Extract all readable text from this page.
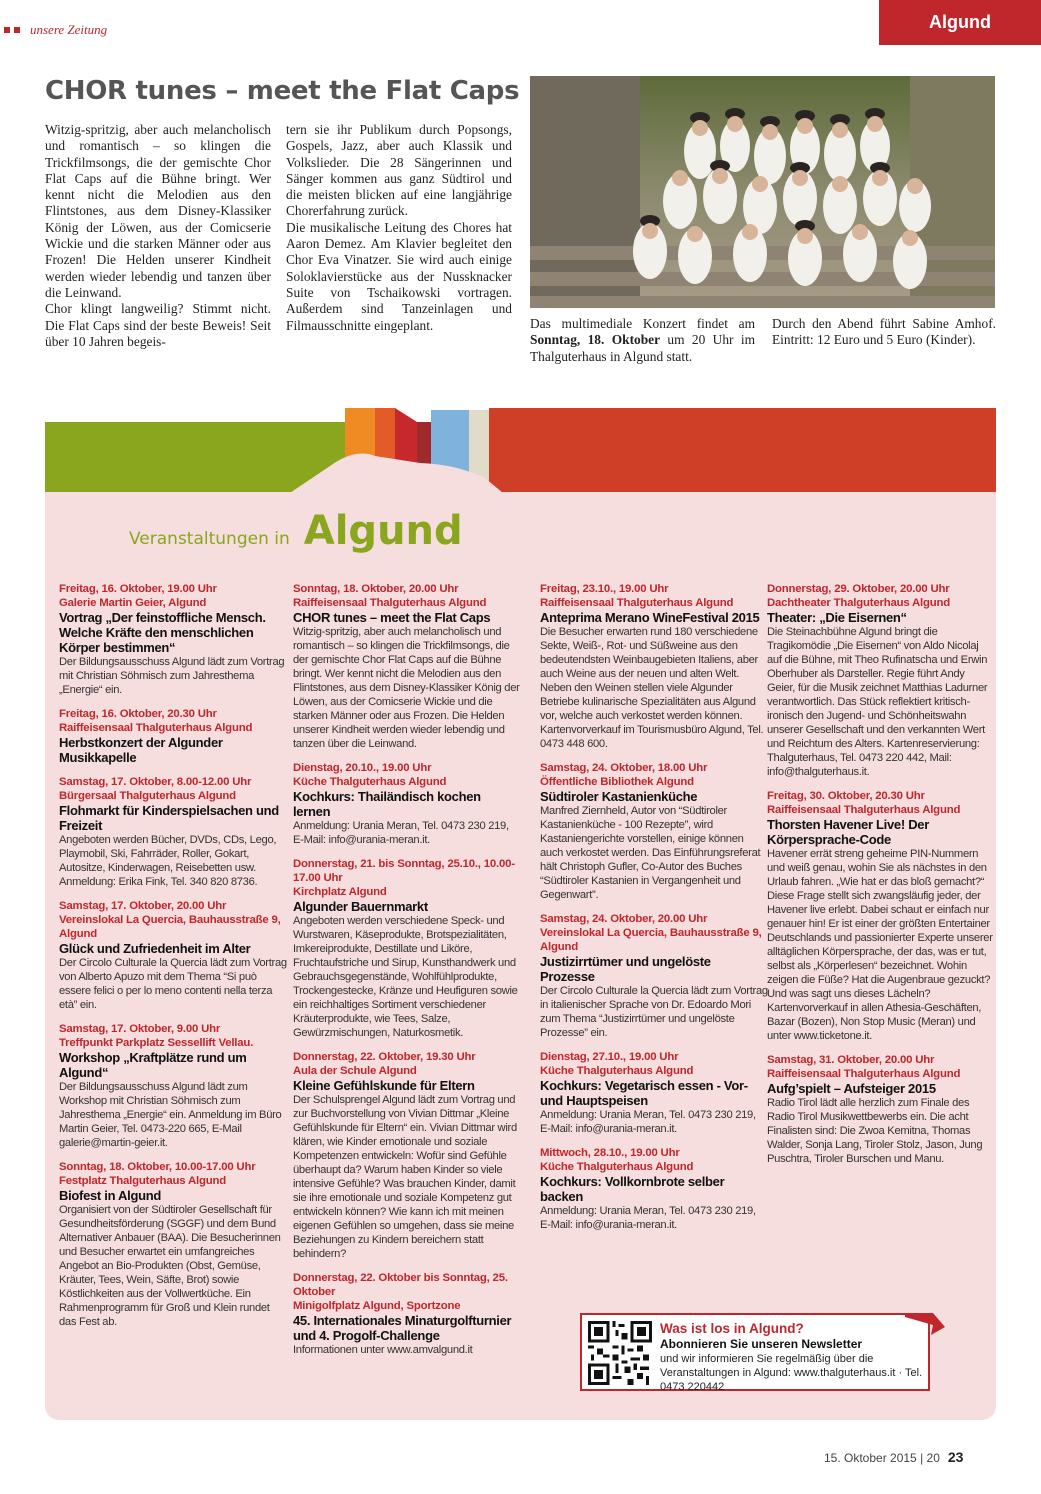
unsere Zeitung	Algund
CHOR tunes – meet the Flat Caps

Witzig-spritzig, aber auch melancholisch und romantisch – so klingen die Trickfilmsongs, die der gemischte Chor Flat Caps auf die Bühne bringt. Wer kennt nicht die Melodien aus den Flintstones, aus dem Disney-Klassiker König der Löwen, aus der Comicserie Wickie und die starken Männer oder aus Frozen! Die Helden unserer Kindheit werden wieder lebendig und tanzen über die Leinwand.

Chor klingt langweilig? Stimmt nicht. Die Flat Caps sind der beste Beweis! Seit über 10 Jahren begeis-

tern sie ihr Publikum durch Popsongs, Gospels, Jazz, aber auch Klassik und Volkslieder. Die 28 Sängerinnen und Sänger kommen aus ganz Südtirol und die meisten blicken auf eine langjährige Chorerfahrung zurück.

Die musikalische Leitung des Chores hat Aaron Demez. Am Klavier begleitet den Chor Eva Vinatzer. Sie wird auch einige Soloklavierstücke aus der Nussknacker Suite von Tschaikowski vortragen. Außerdem sind Tanzeinlagen und Filmausschnitte eingeplant.	Das multimediale Konzert findet am Sonntag, 18. Oktober um 20 Uhr im Thalguterhaus in Algund statt.

Durch den Abend führt Sabine Amhof. Eintritt: 12 Euro und 5 Euro (Kinder).

Veranstaltungen in Algund
Freitag, 16. Oktober, 19.00 Uhr
Galerie Martin Geier, Algund
Vortrag „Der feinstoffliche Mensch. Welche Kräfte den menschlichen Körper bestimmen“
Der Bildungsausschuss Algund lädt zum Vortrag mit Christian Söhmisch zum Jahresthema „Energie“ ein.
Freitag, 16. Oktober, 20.30 Uhr
Raiffeisensaal Thalguterhaus Algund
Herbstkonzert der Algunder Musikkapelle
Samstag, 17. Oktober, 8.00-12.00 Uhr
Bürgersaal Thalguterhaus Algund
Flohmarkt für Kinderspielsachen und Freizeit
Angeboten werden Bücher, DVDs, CDs, Lego, Playmobil, Ski, Fahrräder, Roller, Gokart, Autositze, Kinderwagen, Reisebetten usw. Anmeldung: Erika Fink, Tel. 340 820 8736.
Samstag, 17. Oktober, 20.00 Uhr
Vereinslokal La Quercia, Bauhausstraße 9, Algund
Glück und Zufriedenheit im Alter
Der Circolo Culturale la Quercia lädt zum Vortrag von Alberto Apuzo mit dem Thema “Si può essere felici o per lo meno contenti nella terza età” ein.
Samstag, 17. Oktober, 9.00 Uhr
Treffpunkt Parkplatz Sessellift Vellau.
Workshop „Kraftplätze rund um Algund“
Der Bildungsausschuss Algund lädt zum Workshop mit Christian Söhmisch zum Jahresthema „Energie“ ein. Anmeldung im Büro Martin Geier, Tel. 0473-220 665, E-Mail galerie@martin-geier.it.
Sonntag, 18. Oktober, 10.00-17.00 Uhr
Festplatz Thalguterhaus Algund
Biofest in Algund
Organisiert von der Südtiroler Gesellschaft für Gesundheitsförderung (SGGF) und dem Bund Alternativer Anbauer (BAA). Die Besucherinnen und Besucher erwartet ein umfangreiches Angebot an Bio-Produkten (Obst, Gemüse, Kräuter, Tees, Wein, Säfte, Brot) sowie Köstlichkeiten aus der Vollwertküche. Ein Rahmenprogramm für Groß und Klein rundet das Fest ab.
Sonntag, 18. Oktober, 20.00 Uhr
Raiffeisensaal Thalguterhaus Algund
CHOR tunes – meet the Flat Caps
Witzig-spritzig, aber auch melancholisch und romantisch – so klingen die Trickfilmsongs, die der gemischte Chor Flat Caps auf die Bühne bringt. Wer kennt nicht die Melodien aus den Flintstones, aus dem Disney-Klassiker König der Löwen, aus der Comicserie Wickie und die starken Männer oder aus Frozen. Die Helden unserer Kindheit werden wieder lebendig und tanzen über die Leinwand.
Dienstag, 20.10., 19.00 Uhr
Küche Thalguterhaus Algund
Kochkurs: Thailändisch kochen lernen
Anmeldung: Urania Meran, Tel. 0473 230 219, E-Mail: info@urania-meran.it.
Donnerstag, 21. bis Sonntag, 25.10., 10.00-17.00 Uhr
Kirchplatz Algund
Algunder Bauernmarkt
Angeboten werden verschiedene Speck- und Wurstwaren, Käseprodukte, Brotspezialitäten, Imkereiprodukte, Destillate und Liköre, Fruchtaufstriche und Sirup, Kunsthandwerk und Gebrauchsgegenstände, Wohlfühlprodukte, Trockengestecke, Kränze und Heufiguren sowie ein reichhaltiges Sortiment verschiedener Kräuterprodukte, wie Tees, Salze, Gewürzmischungen, Naturkosmetik.
Donnerstag, 22. Oktober, 19.30 Uhr
Aula der Schule Algund
Kleine Gefühlskunde für Eltern
Der Schulsprengel Algund lädt zum Vortrag und zur Buchvorstellung von Vivian Dittmar „Kleine Gefühlskunde für Eltern“ ein. Vivian Dittmar wird klären, wie Kinder emotionale und soziale Kompetenzen entwickeln: Wofür sind Gefühle überhaupt da? Warum haben Kinder so viele intensive Gefühle? Was brauchen Kinder, damit sie ihre emotionale und soziale Kompetenz gut entwickeln können? Wie kann ich mit meinen eigenen Gefühlen so umgehen, dass sie meine Beziehungen zu Kindern bereichern statt behindern?
Donnerstag, 22. Oktober bis Sonntag, 25. Oktober
Minigolfplatz Algund, Sportzone
45. Internationales Minaturgolfturnier und 4. Progolf-Challenge
Informationen unter www.amvalgund.it
Freitag, 23.10., 19.00 Uhr
Raiffeisensaal Thalguterhaus Algund
Anteprima Merano WineFestival 2015
Die Besucher erwarten rund 180 verschiedene Sekte, Weiß-, Rot- und Süßweine aus den bedeutendsten Weinbaugebieten Italiens, aber auch Weine aus der neuen und alten Welt. Neben den Weinen stellen viele Algunder Betriebe kulinarische Spezialitäten aus Algund vor, welche auch verkostet werden können. Kartenvorverkauf im Tourismusbüro Algund, Tel. 0473 448 600.
Samstag, 24. Oktober, 18.00 Uhr
Öffentliche Bibliothek Algund
Südtiroler Kastanienküche
Manfred Ziernheld, Autor von “Südtiroler Kastanienküche - 100 Rezepte”, wird Kastaniengerichte vorstellen, einige können auch verkostet werden. Das Einführungsreferat hält Christoph Gufler, Co-Autor des Buches “Südtiroler Kastanien in Vergangenheit und Gegenwart”.
Samstag, 24. Oktober, 20.00 Uhr
Vereinslokal La Quercia, Bauhausstraße 9, Algund
Justizirrtümer und ungelöste Prozesse
Der Circolo Culturale la Quercia lädt zum Vortrag in italienischer Sprache von Dr. Edoardo Mori zum Thema “Justizirrtümer und ungelöste Prozesse” ein.
Dienstag, 27.10., 19.00 Uhr
Küche Thalguterhaus Algund
Kochkurs: Vegetarisch essen - Vor- und Hauptspeisen
Anmeldung: Urania Meran, Tel. 0473 230 219, E-Mail: info@urania-meran.it.
Mittwoch, 28.10., 19.00 Uhr
Küche Thalguterhaus Algund
Kochkurs: Vollkornbrote selber backen
Anmeldung: Urania Meran, Tel. 0473 230 219, E-Mail: info@urania-meran.it.
Donnerstag, 29. Oktober, 20.00 Uhr
Dachtheater Thalguterhaus Algund
Theater: „Die Eisernen“
Die Steinachbühne Algund bringt die Tragikomödie „Die Eisernen“ von Aldo Nicolaj auf die Bühne, mit Theo Rufinatscha und Erwin Oberhuber als Darsteller. Regie führt Andy Geier, für die Musik zeichnet Matthias Ladurner verantwortlich. Das Stück reflektiert kritisch-ironisch den Jugend- und Schönheitswahn unserer Gesellschaft und den verkannten Wert und Reichtum des Alters. Kartenreservierung: Thalguterhaus, Tel. 0473 220 442, Mail: info@thalguterhaus.it.
Freitag, 30. Oktober, 20.30 Uhr
Raiffeisensaal Thalguterhaus Algund
Thorsten Havener Live! Der Körpersprache-Code
Havener errät streng geheime PIN-Nummern und weiß genau, wohin Sie als nächstes in den Urlaub fahren. „Wie hat er das bloß gemacht?“ Diese Frage stellt sich zwangsläufig jeder, der Havener live erlebt. Dabei schaut er einfach nur genauer hin! Er ist einer der größten Entertainer Deutschlands und passionierter Experte unserer alltäglichen Körpersprache, der das, was er tut, selbst als „Körperlesen“ bezeichnet. Wohin zeigen die Füße? Hat die Augenbraue gezuckt? Und was sagt uns dieses Lächeln? Kartenvorverkauf in allen Athesia-Geschäften, Bazar (Bozen), Non Stop Music (Meran) und unter www.ticketone.it.
Samstag, 31. Oktober, 20.00 Uhr
Raiffeisensaal Thalguterhaus Algund
Aufg’spielt – Aufsteiger 2015
Radio Tirol lädt alle herzlich zum Finale des Radio Tirol Musikwettbewerbs ein. Die acht Finalisten sind: Die Zwoa Kemitna, Thomas Walder, Sonja Lang, Tiroler Stolz, Jason, Jung Puschtra, Tiroler Burschen und Manu.
Was ist los in Algund?
Abonnieren Sie unseren Newsletter
und wir informieren Sie regelmäßig über die Veranstaltungen in Algund: www.thalguterhaus.it · Tel. 0473 220442
15. Oktober 2015 | 20 23
